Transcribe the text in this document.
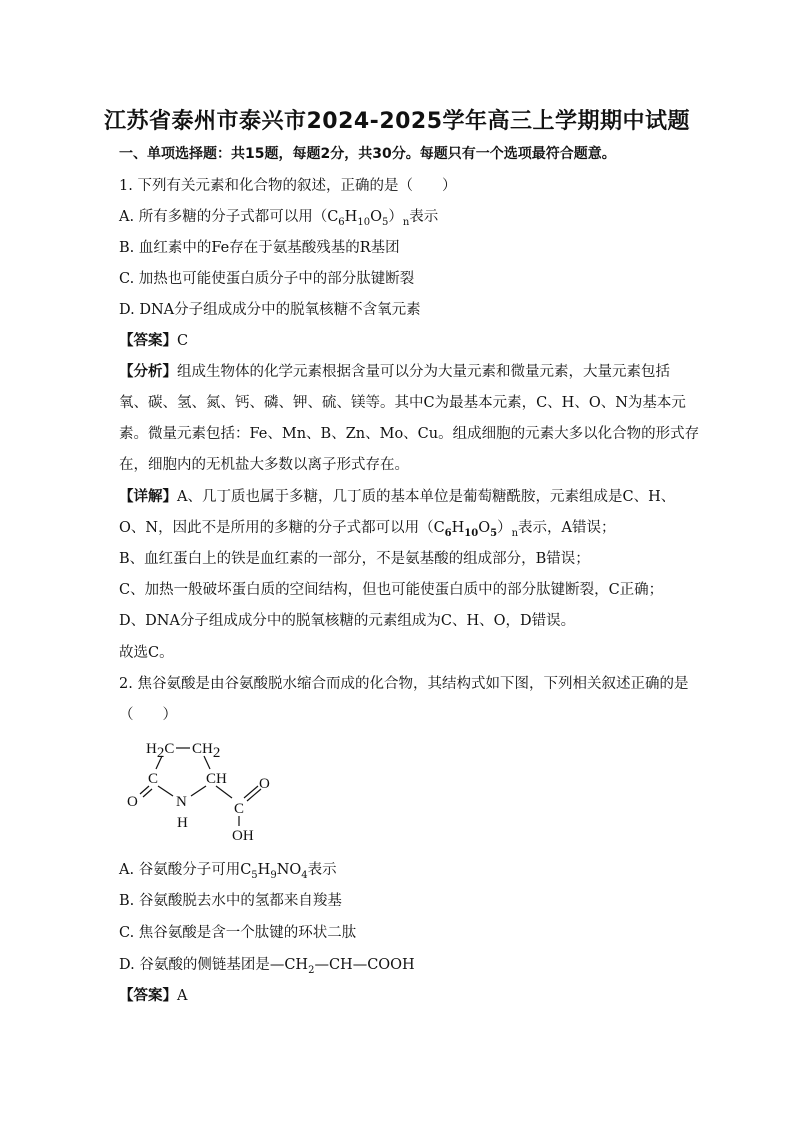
江苏省泰州市泰兴市2024-2025学年高三上学期期中试题
一、单项选择题：共15题，每题2分，共30分。每题只有一个选项最符合题意。
1. 下列有关元素和化合物的叙述，正确的是（　　）
A. 所有多糖的分子式都可以用$(C_6H_{10}O_5)_n$表示
B. 血红素中的Fe存在于氨基酸残基的R基团
C. 加热也可能使蛋白质分子中的部分肽键断裂
D. DNA分子组成成分中的脱氧核糖不含氧元素
【答案】C
【分析】组成生物体的化学元素根据含量可以分为大量元素和微量元素，大量元素包括
氧、碳、氢、氮、钙、磷、钾、硫、镁等。其中C为最基本元素，C、H、O、N为基本元
素。微量元素包括：Fe、Mn、B、Zn、Mo、Cu。组成细胞的元素大多以化合物的形式存
在，细胞内的无机盐大多数以离子形式存在。
【详解】A、几丁质也属于多糖，几丁质的基本单位是葡萄糖酰胺，元素组成是C、H、
O、N，因此不是所用的多糖的分子式都可以用$(C_6H_{10}O_5)_n$表示，A错误；
B、血红蛋白上的铁是血红素的一部分，不是氨基酸的组成部分，B错误；
C、加热一般破坏蛋白质的空间结构，但也可能使蛋白质中的部分肽键断裂，C正确；
D、DNA分子组成成分中的脱氧核糖的元素组成为C、H、O，D错误。
故选C。
2. 焦谷氨酸是由谷氨酸脱水缩合而成的化合物，其结构式如下图，下列相关叙述正确的是
（　　）
H2C CH2
C	CH
O	N
H
C
O
OH
A. 谷氨酸分子可用$C_5H_9NO_4$表示
B. 谷氨酸脱去水中的氢都来自羧基
C. 焦谷氨酸是含一个肽键的环状二肽
D. 谷氨酸的侧链基团是$—CH_2—CH—COOH$
【答案】A
